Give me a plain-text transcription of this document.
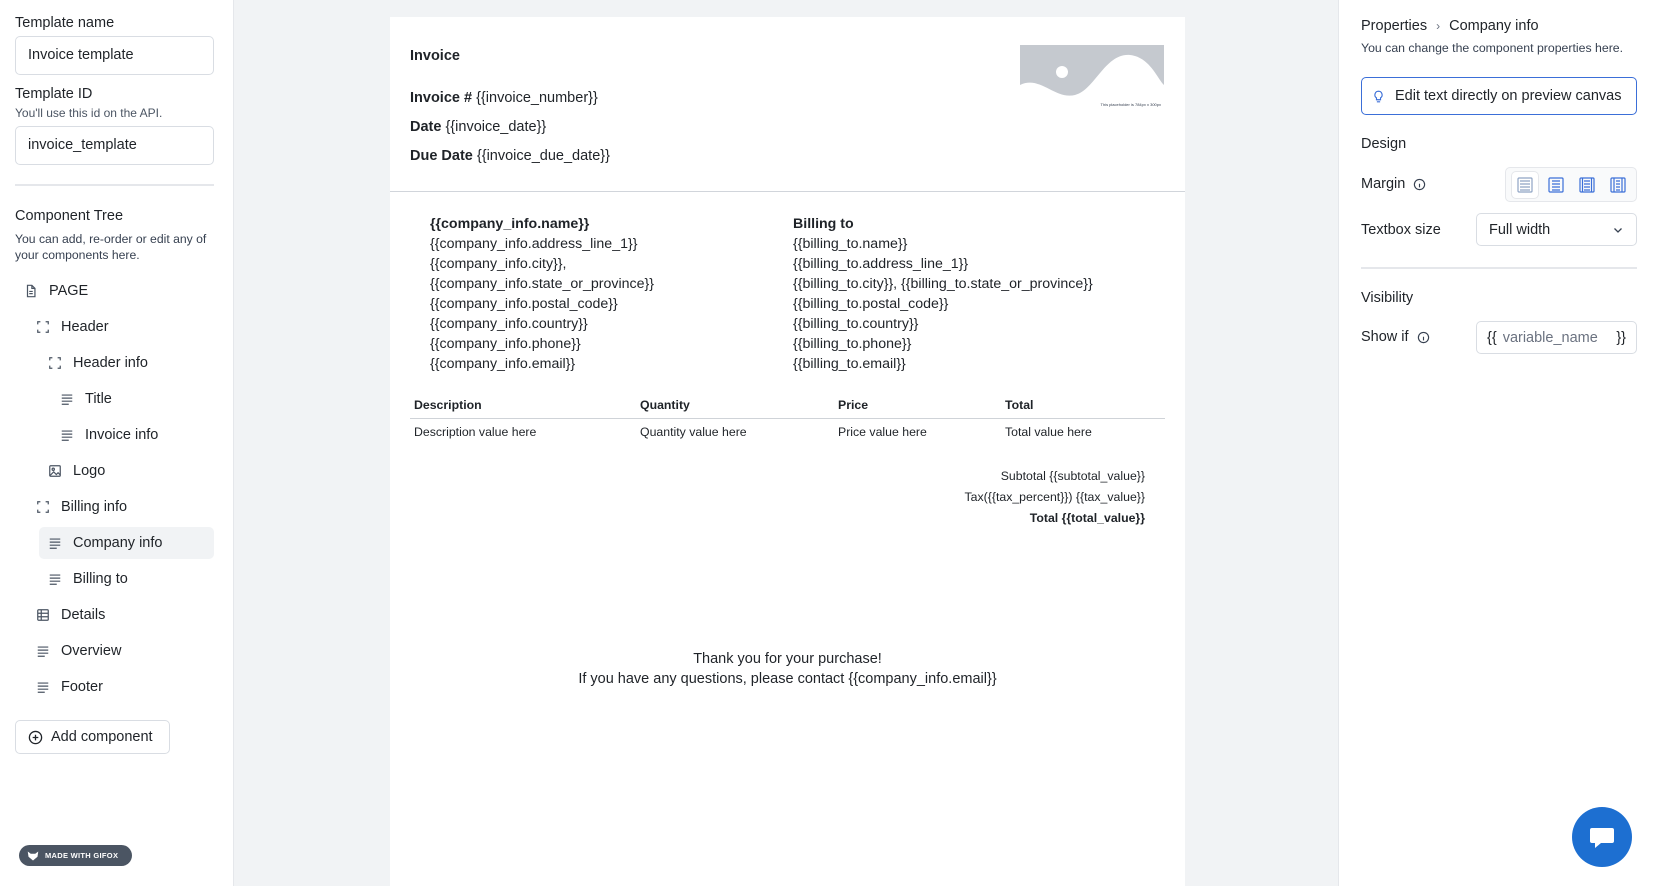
Template name
Invoice template
Template ID
You'll use this id on the API.
invoice_template
Component Tree
You can add, re-order or edit any of your components here.
PAGE
Header
Header info
Title
Invoice info
Logo
Billing info
Company info
Billing to
Details
Overview
Footer
Add component
MADE WITH GIFOX
Invoice
Invoice # {{invoice_number}}
Date {{invoice_date}}
Due Date {{invoice_due_date}}
This placeholder is 784px x 300px
{{company_info.name}}
{{company_info.address_line_1}}
{{company_info.city}},
{{company_info.state_or_province}}
{{company_info.postal_code}}
{{company_info.country}}
{{company_info.phone}}
{{company_info.email}}
Billing to
{{billing_to.name}}
{{billing_to.address_line_1}}
{{billing_to.city}}, {{billing_to.state_or_province}}
{{billing_to.postal_code}}
{{billing_to.country}}
{{billing_to.phone}}
{{billing_to.email}}
Description	Quantity	Price	Total
Description value here	Quantity value here	Price value here	Total value here
Subtotal {{subtotal_value}}
Tax({{tax_percent}}) {{tax_value}}
Total {{total_value}}
Thank you for your purchase!
If you have any questions, please contact {{company_info.email}}
Properties › Company info
You can change the component properties here.
Edit text directly on preview canvas
Design
Margin
Textbox size	Full width
Visibility
Show if	{{ variable_name	}}
